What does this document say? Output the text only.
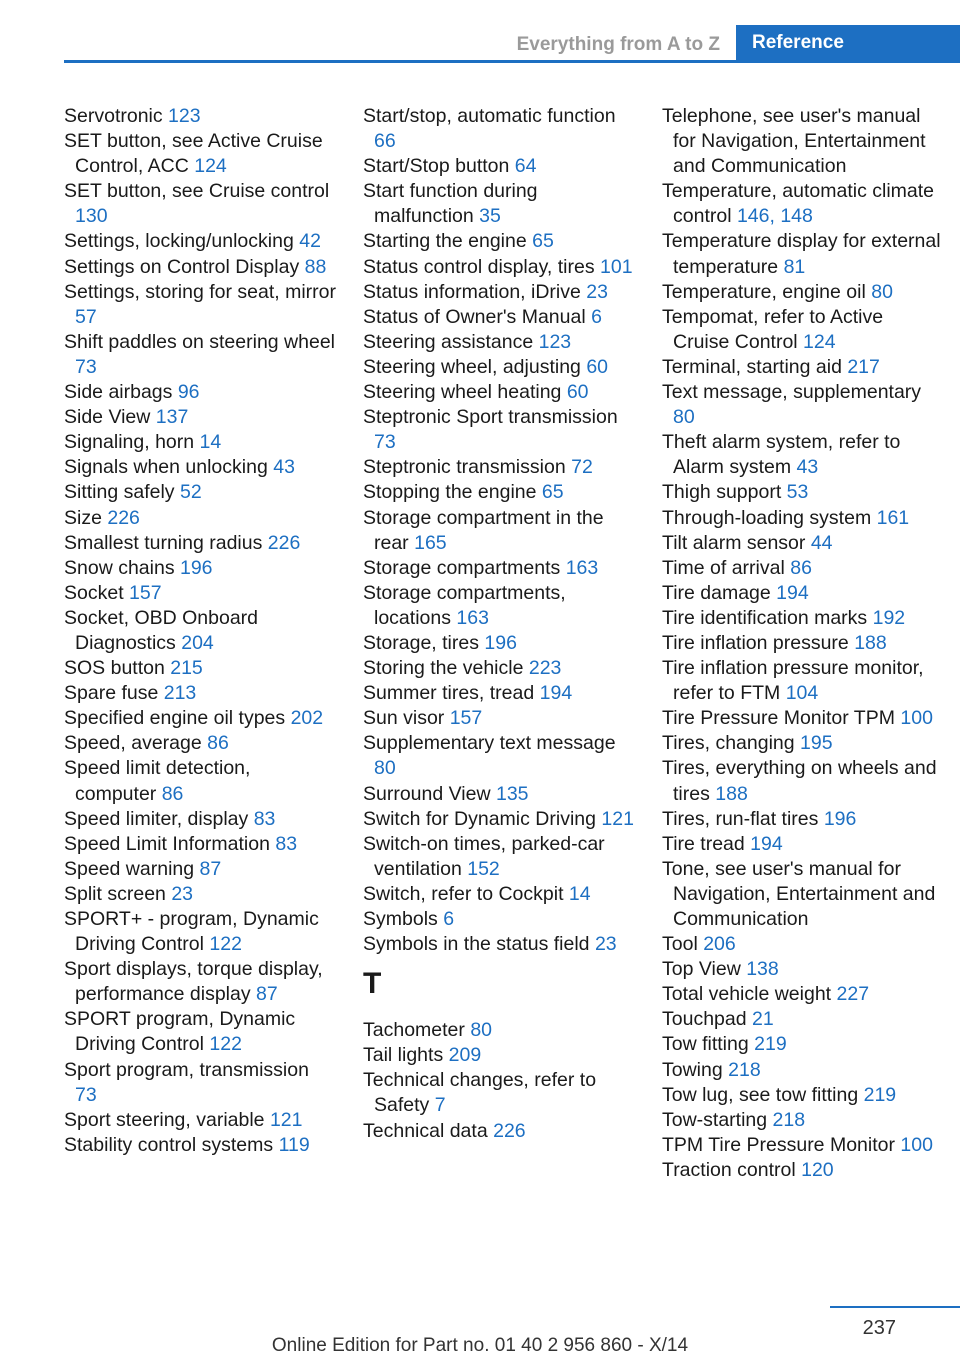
Everything from A to Z	Reference
Servotronic 123
SET button, see Active Cruise Control, ACC 124
SET button, see Cruise control 130
Settings, locking/unlocking 42
Settings on Control Display 88
Settings, storing for seat, mirror 57
Shift paddles on steering wheel 73
Side airbags 96
Side View 137
Signaling, horn 14
Signals when unlocking 43
Sitting safely 52
Size 226
Smallest turning radius 226
Snow chains 196
Socket 157
Socket, OBD Onboard Diagnostics 204
SOS button 215
Spare fuse 213
Specified engine oil types 202
Speed, average 86
Speed limit detection, computer 86
Speed limiter, display 83
Speed Limit Information 83
Speed warning 87
Split screen 23
SPORT+ - program, Dynamic Driving Control 122
Sport displays, torque display, performance display 87
SPORT program, Dynamic Driving Control 122
Sport program, transmission 73
Sport steering, variable 121
Stability control systems 119
Start/stop, automatic function 66
Start/Stop button 64
Start function during malfunction 35
Starting the engine 65
Status control display, tires 101
Status information, iDrive 23
Status of Owner's Manual 6
Steering assistance 123
Steering wheel, adjusting 60
Steering wheel heating 60
Steptronic Sport transmission 73
Steptronic transmission 72
Stopping the engine 65
Storage compartment in the rear 165
Storage compartments 163
Storage compartments, locations 163
Storage, tires 196
Storing the vehicle 223
Summer tires, tread 194
Sun visor 157
Supplementary text message 80
Surround View 135
Switch for Dynamic Driving 121
Switch-on times, parked-car ventilation 152
Switch, refer to Cockpit 14
Symbols 6
Symbols in the status field 23
T
Tachometer 80
Tail lights 209
Technical changes, refer to Safety 7
Technical data 226
Telephone, see user's manual for Navigation, Entertainment and Communication
Temperature, automatic climate control 146, 148
Temperature display for external temperature 81
Temperature, engine oil 80
Tempomat, refer to Active Cruise Control 124
Terminal, starting aid 217
Text message, supplementary 80
Theft alarm system, refer to Alarm system 43
Thigh support 53
Through-loading system 161
Tilt alarm sensor 44
Time of arrival 86
Tire damage 194
Tire identification marks 192
Tire inflation pressure 188
Tire inflation pressure monitor, refer to FTM 104
Tire Pressure Monitor TPM 100
Tires, changing 195
Tires, everything on wheels and tires 188
Tires, run-flat tires 196
Tire tread 194
Tone, see user's manual for Navigation, Entertainment and Communication
Tool 206
Top View 138
Total vehicle weight 227
Touchpad 21
Tow fitting 219
Towing 218
Tow lug, see tow fitting 219
Tow-starting 218
TPM Tire Pressure Monitor 100
Traction control 120
237
Online Edition for Part no. 01 40 2 956 860 - X/14
